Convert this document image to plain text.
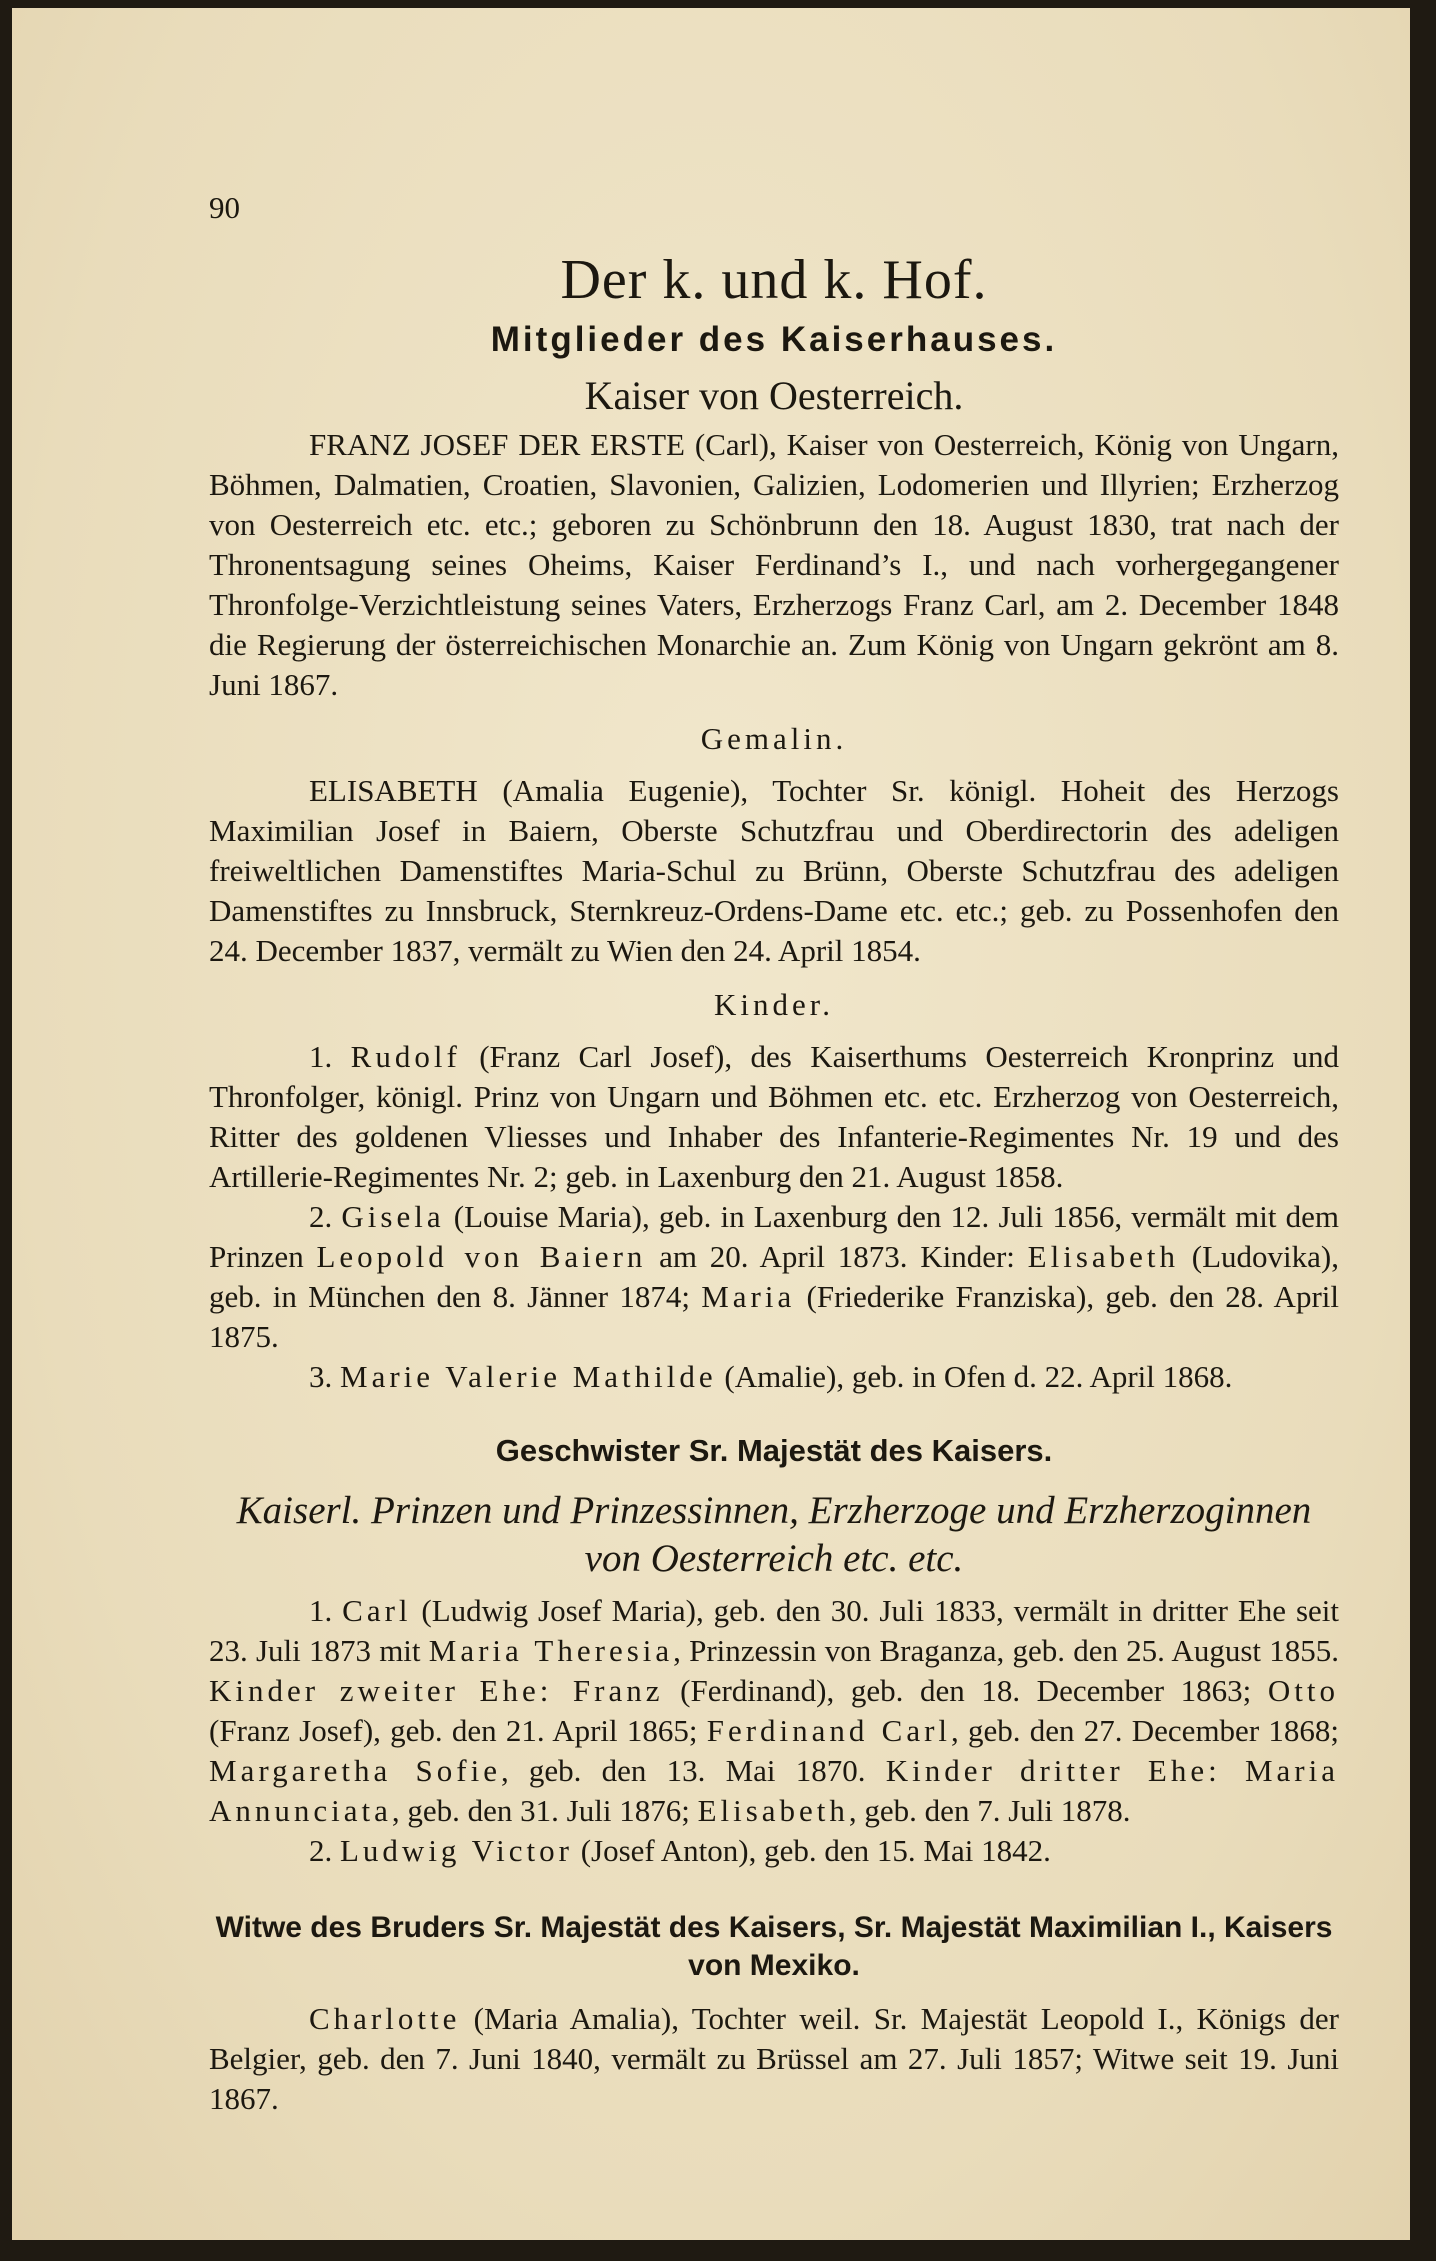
90
Der k. und k. Hof.
Mitglieder des Kaiserhauses.
Kaiser von Oesterreich.

FRANZ JOSEF DER ERSTE (Carl), Kaiser von Oesterreich, König von Ungarn, Böhmen, Dalmatien, Croatien, Slavonien, Galizien, Lodomerien und Illyrien; Erzherzog von Oesterreich etc. etc.; geboren zu Schönbrunn den 18. August 1830, trat nach der Thronentsagung seines Oheims, Kaiser Ferdinand’s I., und nach vorhergegangener Thronfolge-Verzichtleistung seines Vaters, Erzherzogs Franz Carl, am 2. December 1848 die Regierung der österreichischen Monarchie an. Zum König von Ungarn gekrönt am 8. Juni 1867.

Gemalin.

ELISABETH (Amalia Eugenie), Tochter Sr. königl. Hoheit des Herzogs Maximilian Josef in Baiern, Oberste Schutzfrau und Oberdirectorin des adeligen freiweltlichen Damenstiftes Maria-Schul zu Brünn, Oberste Schutzfrau des adeligen Damenstiftes zu Innsbruck, Sternkreuz-Ordens-Dame etc. etc.; geb. zu Possenhofen den 24. December 1837, vermält zu Wien den 24. April 1854.

Kinder.

1. Rudolf (Franz Carl Josef), des Kaiserthums Oesterreich Kronprinz und Thronfolger, königl. Prinz von Ungarn und Böhmen etc. etc. Erzherzog von Oesterreich, Ritter des goldenen Vliesses und Inhaber des Infanterie-Regimentes Nr. 19 und des Artillerie-Regimentes Nr. 2; geb. in Laxenburg den 21. August 1858.

2. Gisela (Louise Maria), geb. in Laxenburg den 12. Juli 1856, vermält mit dem Prinzen Leopold von Baiern am 20. April 1873. Kinder: Elisabeth (Ludovika), geb. in München den 8. Jänner 1874; Maria (Friederike Franziska), geb. den 28. April 1875.

3. Marie Valerie Mathilde (Amalie), geb. in Ofen d. 22. April 1868.

Geschwister Sr. Majestät des Kaisers.
Kaiserl. Prinzen und Prinzessinnen, Erzherzoge und Erzherzoginnen von Oesterreich etc. etc.

1. Carl (Ludwig Josef Maria), geb. den 30. Juli 1833, vermält in dritter Ehe seit 23. Juli 1873 mit Maria Theresia, Prinzessin von Braganza, geb. den 25. August 1855. Kinder zweiter Ehe: Franz (Ferdinand), geb. den 18. December 1863; Otto (Franz Josef), geb. den 21. April 1865; Ferdinand Carl, geb. den 27. December 1868; Margaretha Sofie, geb. den 13. Mai 1870. Kinder dritter Ehe: Maria Annunciata, geb. den 31. Juli 1876; Elisabeth, geb. den 7. Juli 1878.

2. Ludwig Victor (Josef Anton), geb. den 15. Mai 1842.

Witwe des Bruders Sr. Majestät des Kaisers, Sr. Majestät Maximilian I., Kaisers von Mexiko.

Charlotte (Maria Amalia), Tochter weil. Sr. Majestät Leopold I., Königs der Belgier, geb. den 7. Juni 1840, vermält zu Brüssel am 27. Juli 1857; Witwe seit 19. Juni 1867.
